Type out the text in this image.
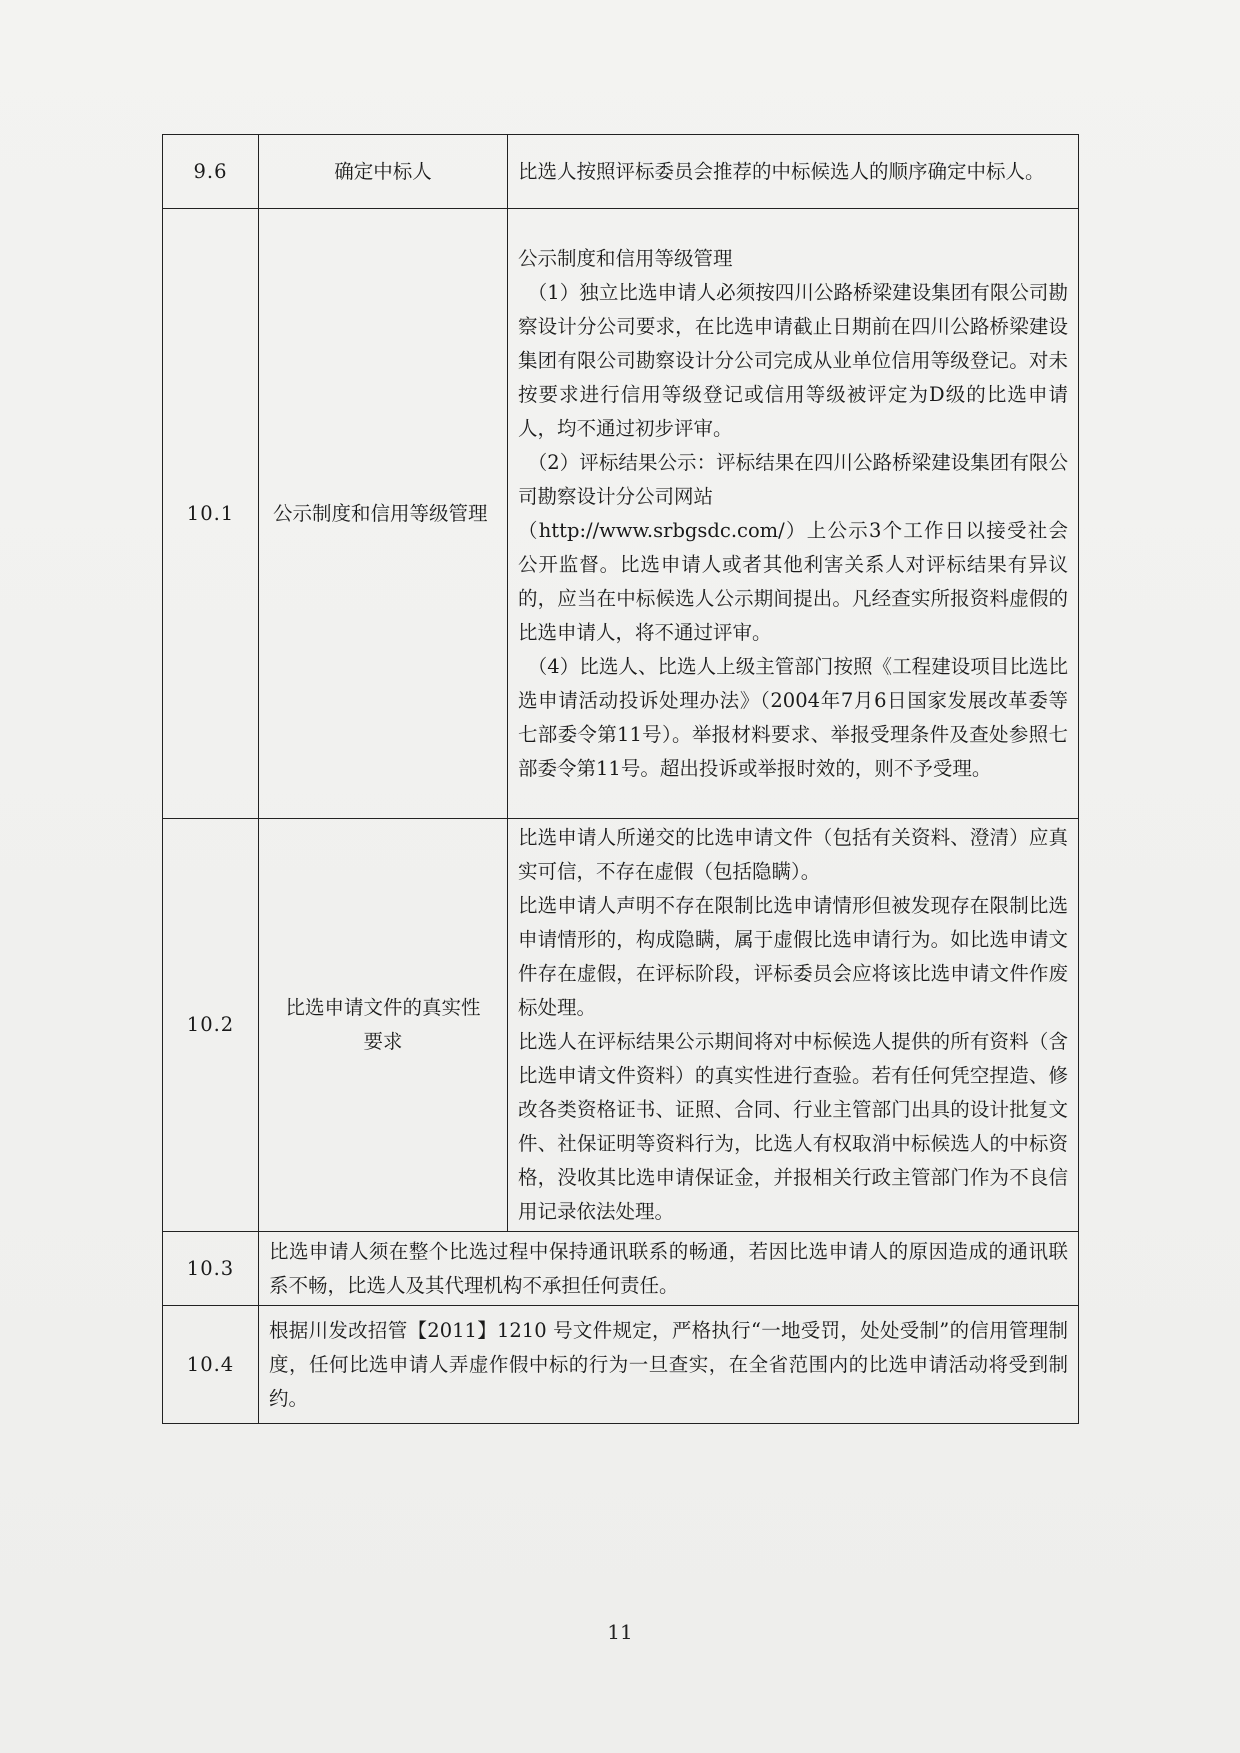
9.6	确定中标人	比选人按照评标委员会推荐的中标候选人的顺序确定中标人。
10.1	公示制度和信用等级管理	公示制度和信用等级管理

（1）独立比选申请人必须按四川公路桥梁建设集团有限公司勘察设计分公司要求，在比选申请截止日期前在四川公路桥梁建设集团有限公司勘察设计分公司完成从业单位信用等级登记。对未按要求进行信用等级登记或信用等级被评定为D级的比选申请人，均不通过初步评审。

（2）评标结果公示：评标结果在四川公路桥梁建设集团有限公司勘察设计分公司网站

（http://www.srbgsdc.com/）上公示3个工作日以接受社会公开监督。比选申请人或者其他利害关系人对评标结果有异议的，应当在中标候选人公示期间提出。凡经查实所报资料虚假的比选申请人，将不通过评审。

（4）比选人、比选人上级主管部门按照《工程建设项目比选比选申请活动投诉处理办法》（2004年7月6日国家发展改革委等七部委令第11号）。举报材料要求、举报受理条件及查处参照七部委令第11号。超出投诉或举报时效的，则不予受理。

10.2	比选申请文件的真实性要求	比选申请人所递交的比选申请文件（包括有关资料、澄清）应真实可信，不存在虚假（包括隐瞒）。

比选申请人声明不存在限制比选申请情形但被发现存在限制比选申请情形的，构成隐瞒，属于虚假比选申请行为。如比选申请文件存在虚假，在评标阶段，评标委员会应将该比选申请文件作废标处理。

比选人在评标结果公示期间将对中标候选人提供的所有资料（含比选申请文件资料）的真实性进行查验。若有任何凭空捏造、修改各类资格证书、证照、合同、行业主管部门出具的设计批复文件、社保证明等资料行为，比选人有权取消中标候选人的中标资格，没收其比选申请保证金，并报相关行政主管部门作为不良信用记录依法处理。

10.3	比选申请人须在整个比选过程中保持通讯联系的畅通，若因比选申请人的原因造成的通讯联系不畅，比选人及其代理机构不承担任何责任。	
10.4	根据川发改招管【2011】1210 号文件规定，严格执行“一地受罚，处处受制”的信用管理制度，任何比选申请人弄虚作假中标的行为一旦查实，在全省范围内的比选申请活动将受到制约。	
11
